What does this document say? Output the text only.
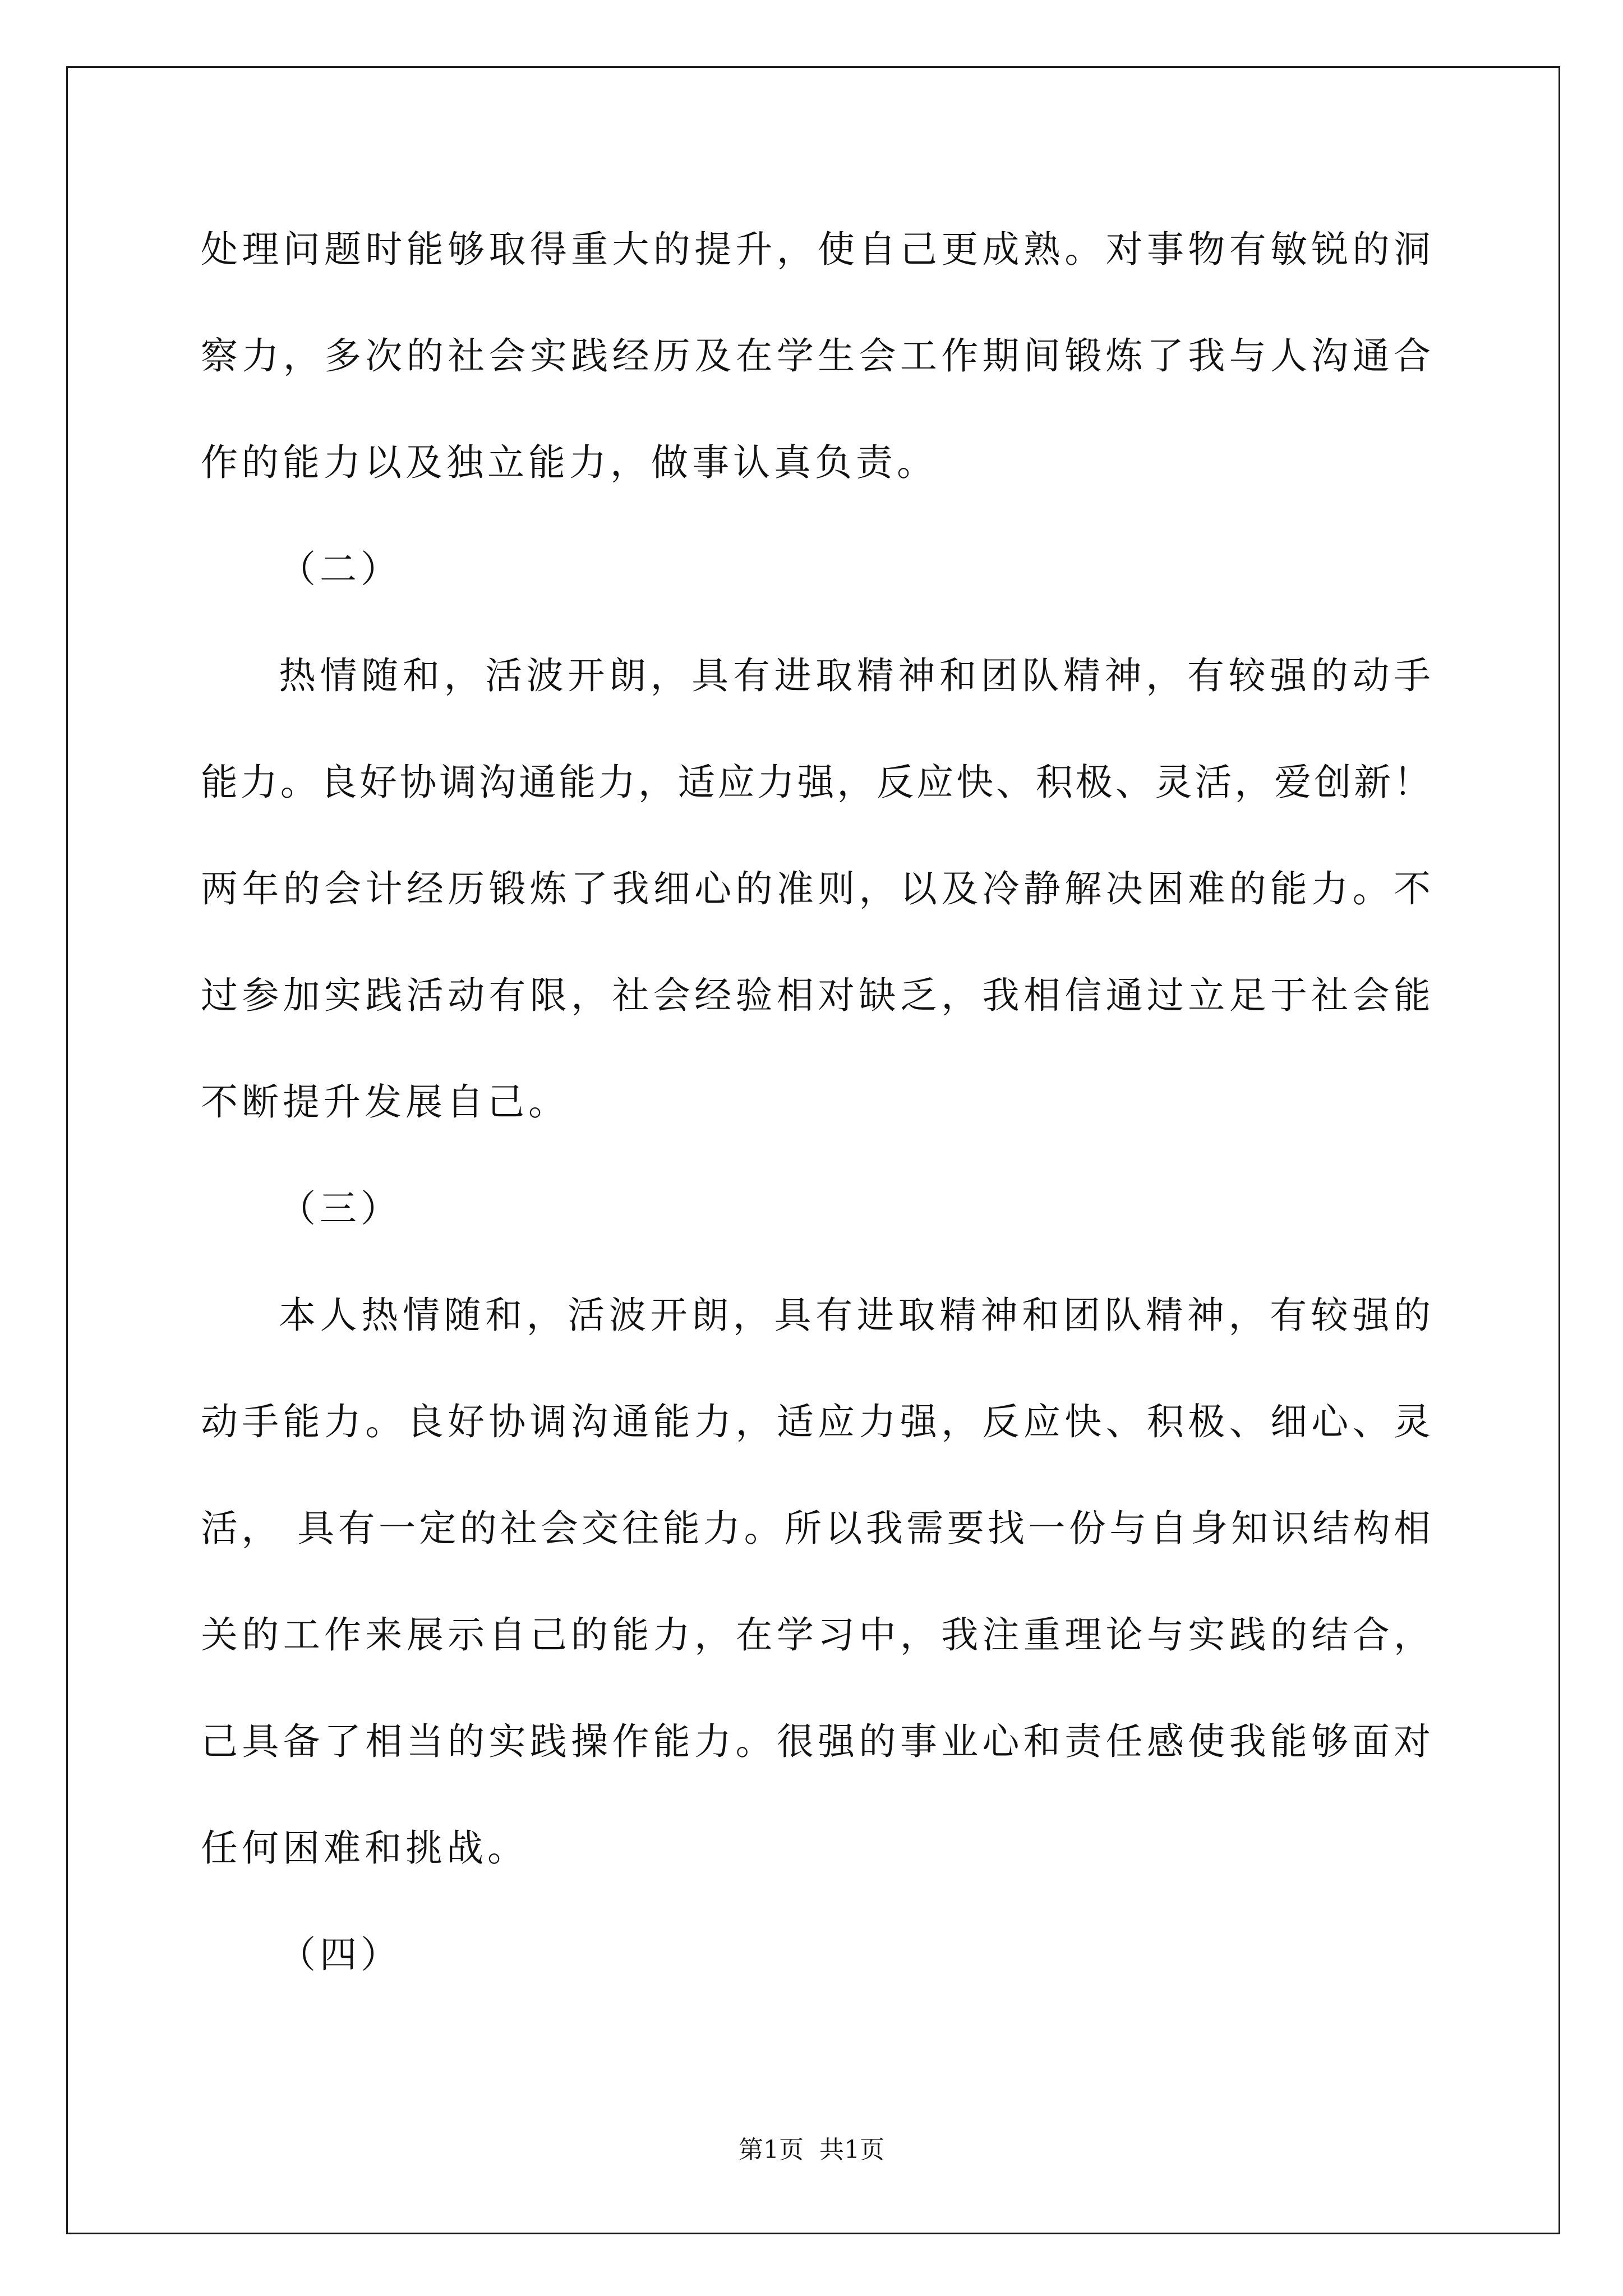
处理问题时能够取得重大的提升，使自己更成熟。对事物有敏锐的洞
察力，多次的社会实践经历及在学生会工作期间锻炼了我与人沟通合
作的能力以及独立能力，做事认真负责。
（二）
热情随和，活波开朗，具有进取精神和团队精神，有较强的动手
能力。良好协调沟通能力，适应力强，反应快、积极、灵活，爱创新！
两年的会计经历锻炼了我细心的准则，以及冷静解决困难的能力。不
过参加实践活动有限，社会经验相对缺乏，我相信通过立足于社会能
不断提升发展自己。
（三）
本人热情随和，活波开朗，具有进取精神和团队精神，有较强的
动手能力。良好协调沟通能力，适应力强，反应快、积极、细心、灵
活， 具有一定的社会交往能力。所以我需要找一份与自身知识结构相
关的工作来展示自己的能力，在学习中，我注重理论与实践的结合，
己具备了相当的实践操作能力。很强的事业心和责任感使我能够面对
任何困难和挑战。
（四）
第1页  共1页
